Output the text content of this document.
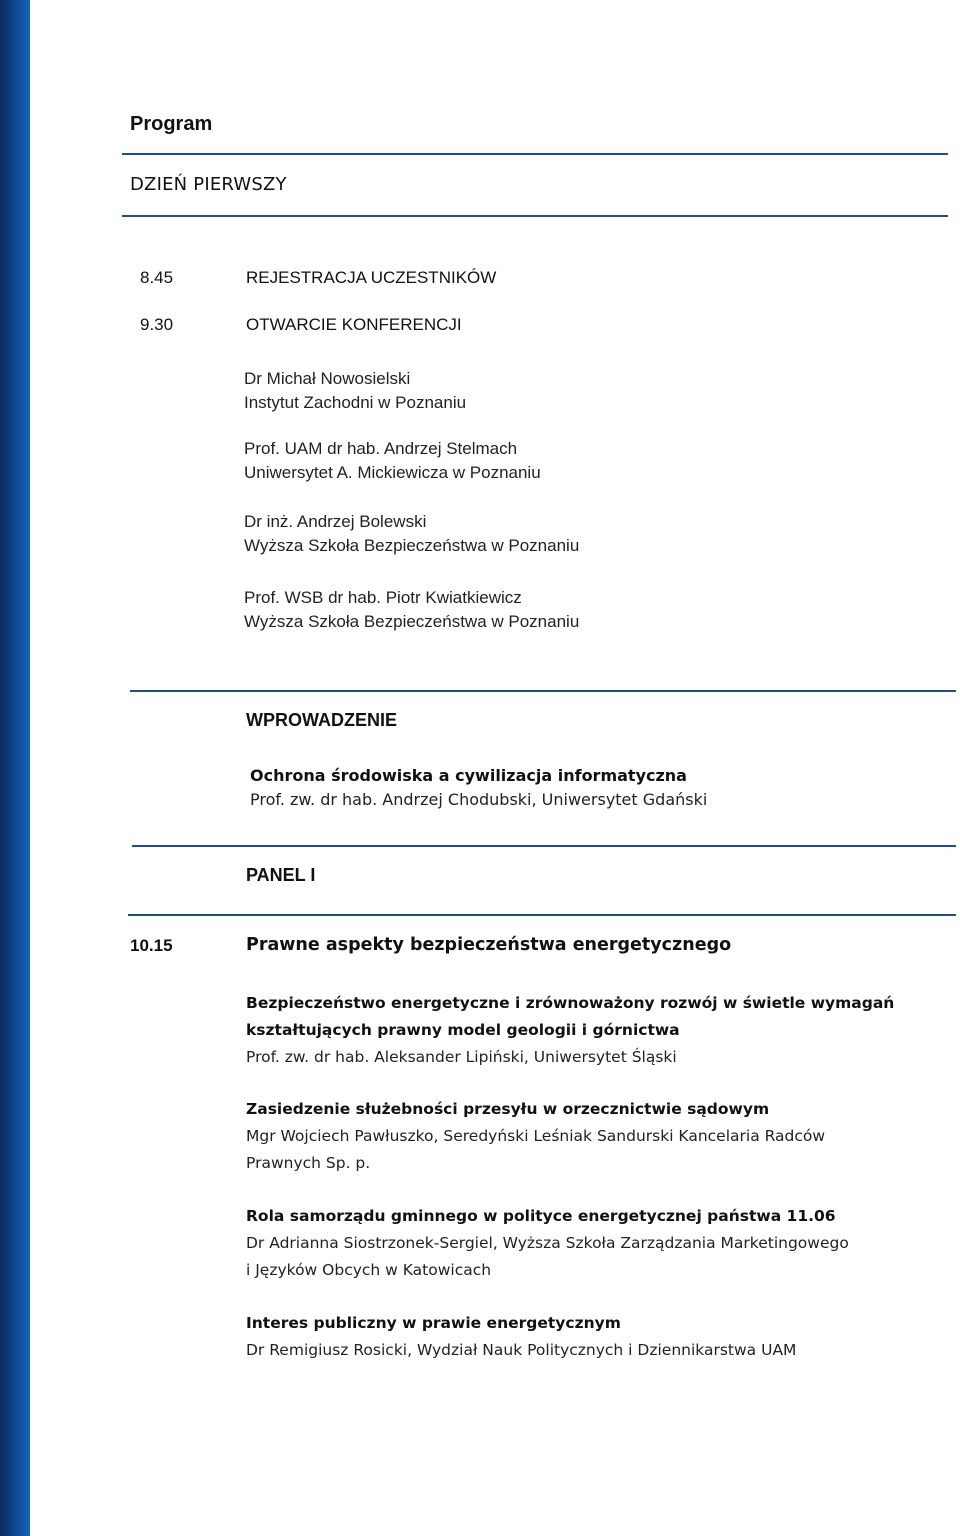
Program
DZIEŃ PIERWSZY
8.45	REJESTRACJA UCZESTNIKÓW
9.30	OTWARCIE KONFERENCJI
Dr Michał Nowosielski
Instytut Zachodni w Poznaniu
Prof. UAM dr hab. Andrzej Stelmach
Uniwersytet A. Mickiewicza w Poznaniu
Dr inż. Andrzej Bolewski
Wyższa Szkoła Bezpieczeństwa w Poznaniu
Prof. WSB dr hab. Piotr Kwiatkiewicz
Wyższa Szkoła Bezpieczeństwa w Poznaniu
WPROWADZENIE
Ochrona środowiska a cywilizacja informatyczna
Prof. zw. dr hab. Andrzej Chodubski, Uniwersytet Gdański
PANEL I
10.15	Prawne aspekty bezpieczeństwa energetycznego
Bezpieczeństwo energetyczne i zrównoważony rozwój w świetle wymagań
kształtujących prawny model geologii i górnictwa
Prof. zw. dr hab. Aleksander Lipiński, Uniwersytet Śląski
Zasiedzenie służebności przesyłu w orzecznictwie sądowym
Mgr Wojciech Pawłuszko, Seredyński Leśniak Sandurski Kancelaria Radców
Prawnych Sp. p.
Rola samorządu gminnego w polityce energetycznej państwa 11.06
Dr Adrianna Siostrzonek-Sergiel, Wyższa Szkoła Zarządzania Marketingowego
i Języków Obcych w Katowicach
Interes publiczny w prawie energetycznym
Dr Remigiusz Rosicki, Wydział Nauk Politycznych i Dziennikarstwa UAM
